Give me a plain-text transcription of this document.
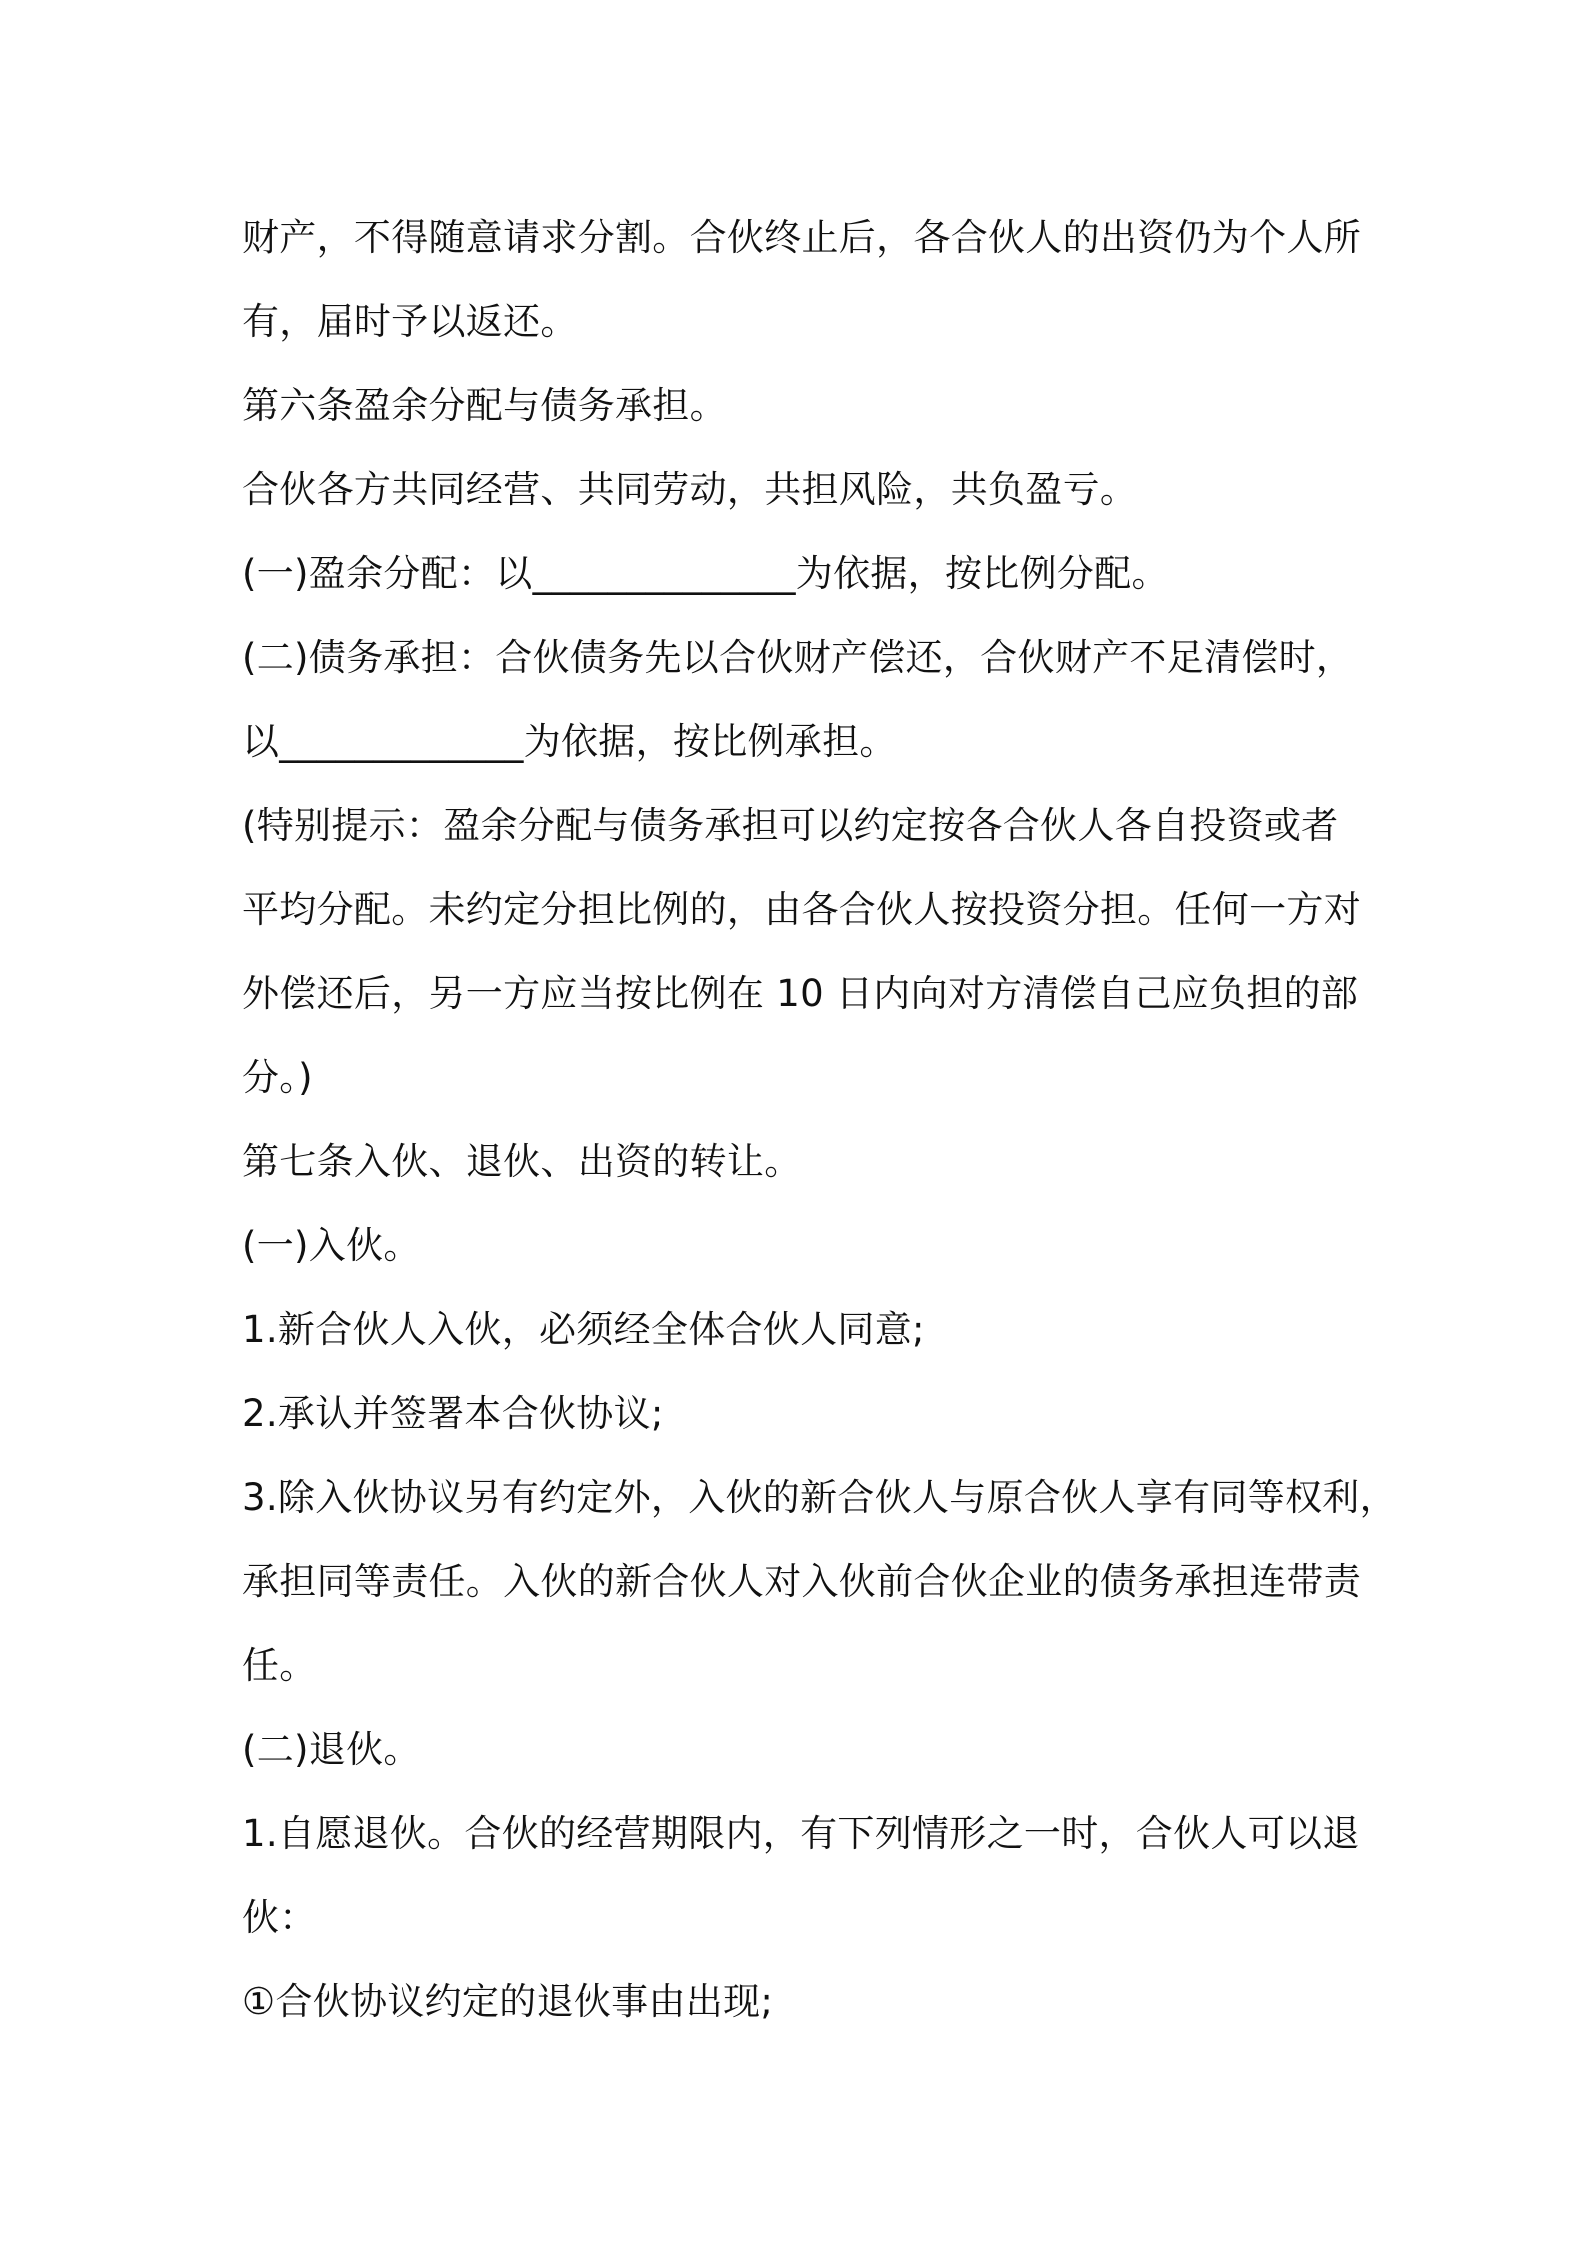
财产，不得随意请求分割。合伙终止后，各合伙人的出资仍为个人所
有，届时予以返还。
第六条盈余分配与债务承担。
合伙各方共同经营、共同劳动，共担风险，共负盈亏。
(一)盈余分配：以______________为依据，按比例分配。
(二)债务承担：合伙债务先以合伙财产偿还，合伙财产不足清偿时，
以_____________为依据，按比例承担。
(特别提示：盈余分配与债务承担可以约定按各合伙人各自投资或者
平均分配。未约定分担比例的，由各合伙人按投资分担。任何一方对
外偿还后，另一方应当按比例在 10 日内向对方清偿自己应负担的部
分。)
第七条入伙、退伙、出资的转让。
(一)入伙。
1.新合伙人入伙，必须经全体合伙人同意;
2.承认并签署本合伙协议;
3.除入伙协议另有约定外，入伙的新合伙人与原合伙人享有同等权利，
承担同等责任。入伙的新合伙人对入伙前合伙企业的债务承担连带责
任。
(二)退伙。
1.自愿退伙。合伙的经营期限内，有下列情形之一时，合伙人可以退
伙：
①合伙协议约定的退伙事由出现;
